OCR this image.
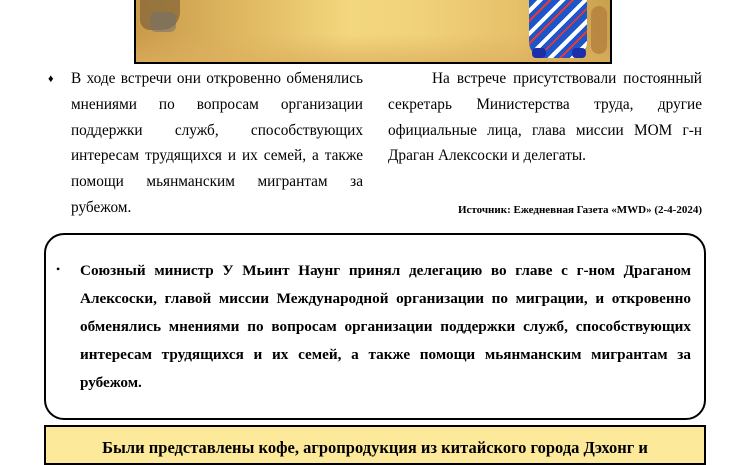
♦ В ходе встречи они откровенно обменялись мнениями по вопросам организации поддержки служб, способствующих интересам трудящихся и их семей, а также помощи мьянманским мигрантам за рубежом.
На встрече присутствовали постоянный секретарь Министерства труда, другие официальные лица, глава миссии МОМ г-н Драган Алексоски и делегаты.
Источник: Ежедневная Газета «MWD» (2-4-2024)
• Союзный министр У Мьинт Наунг принял делегацию во главе с г-ном Драганом Алексоски, главой миссии Международной организации по миграции, и откровенно обменялись мнениями по вопросам организации поддержки служб, способствующих интересам трудящихся и их семей, а также помощи мьянманским мигрантам за рубежом.
Были представлены кофе, агропродукция из китайского города Дэхонг и
